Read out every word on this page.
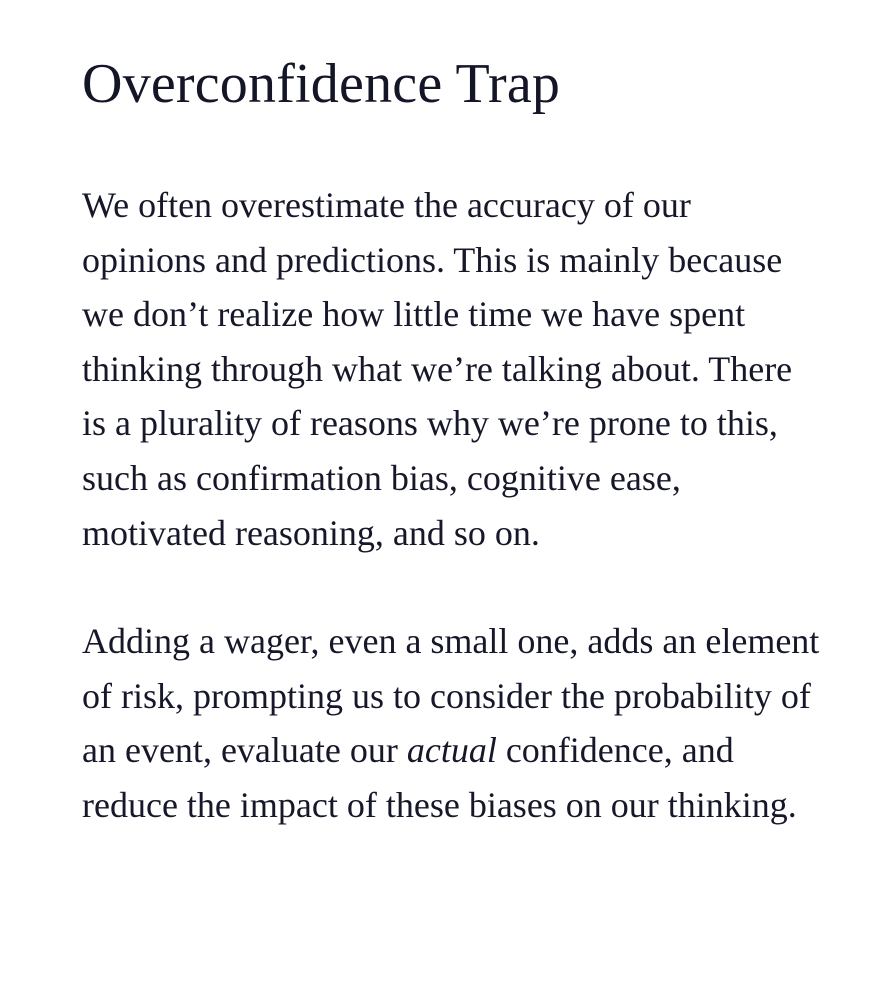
Overconfidence Trap

We often overestimate the accuracy of our opinions and predictions. This is mainly because we don’t realize how little time we have spent thinking through what we’re talking about. There is a plurality of reasons why we’re prone to this, such as confirmation bias, cognitive ease, motivated reasoning, and so on.

Adding a wager, even a small one, adds an element of risk, prompting us to consider the probability of an event, evaluate our actual confidence, and reduce the impact of these biases on our thinking.
